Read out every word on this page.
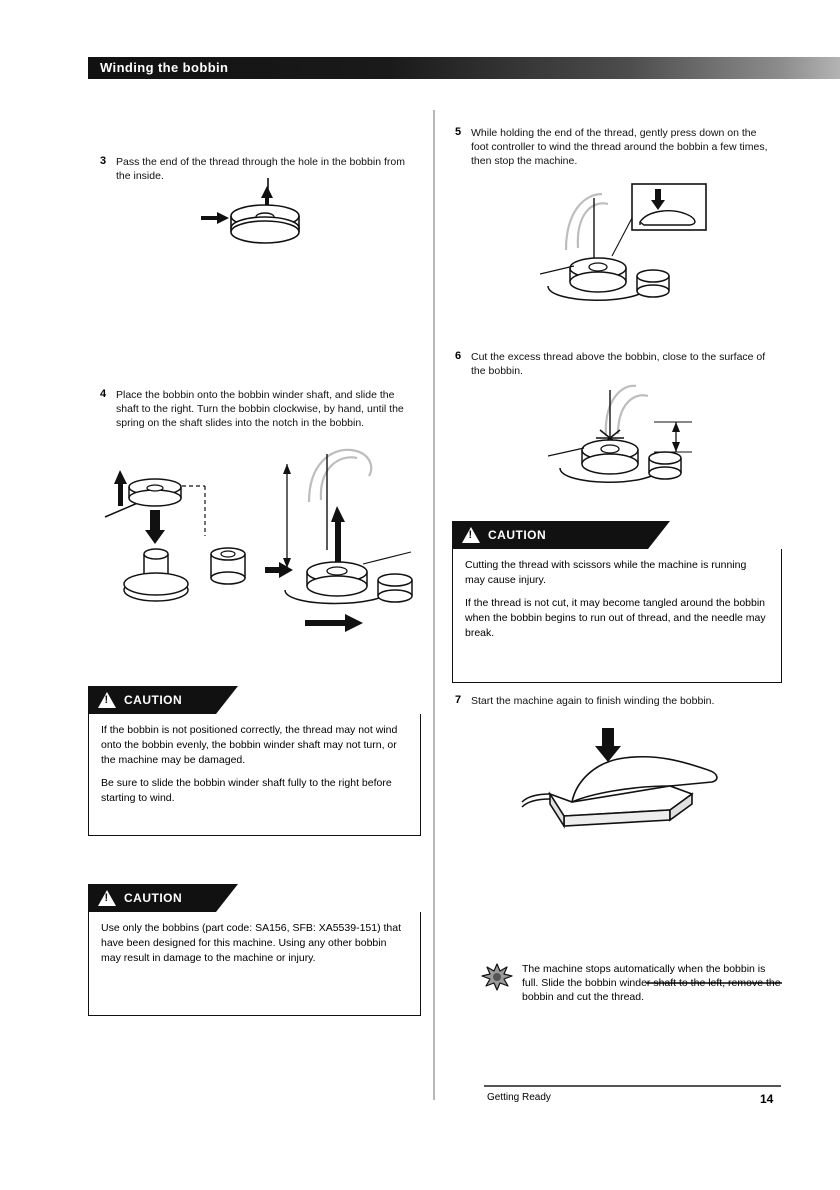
Winding the bobbin
3 Pass the end of the thread through the hole in the bobbin from the inside.
4 Place the bobbin onto the bobbin winder shaft, and slide the shaft to the right. Turn the bobbin clockwise, by hand, until the spring on the shaft slides into the notch in the bobbin.
!
CAUTION

If the bobbin is not positioned correctly, the thread may not wind onto the bobbin evenly, the bobbin winder shaft may not turn, or the machine may be damaged.

Be sure to slide the bobbin winder shaft fully to the right before starting to wind.

!
CAUTION

Use only the bobbins (part code: SA156, SFB: XA5539-151) that have been designed for this machine. Using any other bobbin may result in damage to the machine or injury.

5 While holding the end of the thread, gently press down on the foot controller to wind the thread around the bobbin a few times, then stop the machine.
6 Cut the excess thread above the bobbin, close to the surface of the bobbin.
!
CAUTION

Cutting the thread with scissors while the machine is running may cause injury.

If the thread is not cut, it may become tangled around the bobbin when the bobbin begins to run out of thread, and the needle may break.

7 Start the machine again to finish winding the bobbin.
The machine stops automatically when the bobbin is full. Slide the bobbin winder shaft to the left, remove the bobbin and cut the thread.
Getting Ready	14
